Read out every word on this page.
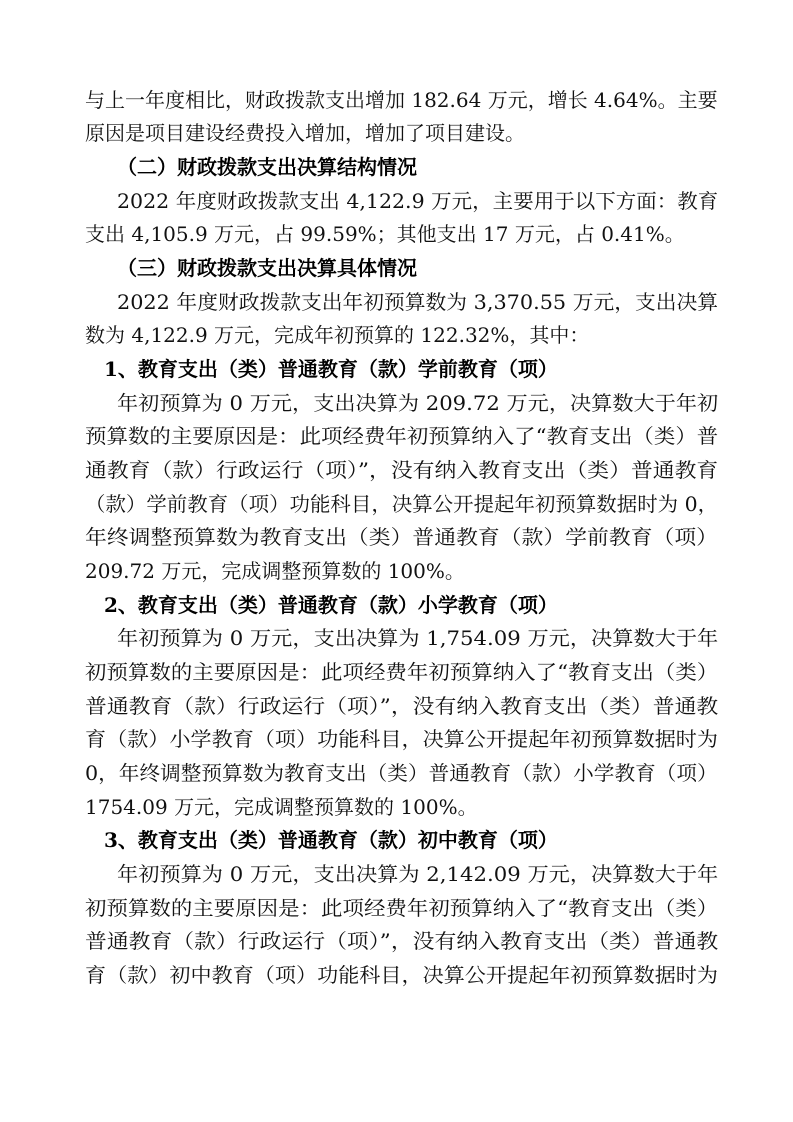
与上一年度相比，财政拨款支出增加 182.64 万元，增长 4.64%。主要
原因是项目建设经费投入增加，增加了项目建设。
（二）财政拨款支出决算结构情况
2022 年度财政拨款支出 4,122.9 万元，主要用于以下方面：教育
支出 4,105.9 万元，占 99.59%；其他支出 17 万元，占 0.41%。
（三）财政拨款支出决算具体情况
2022 年度财政拨款支出年初预算数为 3,370.55 万元，支出决算
数为 4,122.9 万元，完成年初预算的 122.32%，其中：
1、教育支出（类）普通教育（款）学前教育（项）
年初预算为 0 万元，支出决算为 209.72 万元，决算数大于年初
预算数的主要原因是：此项经费年初预算纳入了“教育支出（类）普
通教育（款）行政运行（项）”，没有纳入教育支出（类）普通教育
（款）学前教育（项）功能科目，决算公开提起年初预算数据时为 0，
年终调整预算数为教育支出（类）普通教育（款）学前教育（项）
209.72 万元，完成调整预算数的 100%。
2、教育支出（类）普通教育（款）小学教育（项）
年初预算为 0 万元，支出决算为 1,754.09 万元，决算数大于年
初预算数的主要原因是：此项经费年初预算纳入了“教育支出（类）
普通教育（款）行政运行（项）”，没有纳入教育支出（类）普通教
育（款）小学教育（项）功能科目，决算公开提起年初预算数据时为
0，年终调整预算数为教育支出（类）普通教育（款）小学教育（项）
1754.09 万元，完成调整预算数的 100%。
3、教育支出（类）普通教育（款）初中教育（项）
年初预算为 0 万元，支出决算为 2,142.09 万元，决算数大于年
初预算数的主要原因是：此项经费年初预算纳入了“教育支出（类）
普通教育（款）行政运行（项）”，没有纳入教育支出（类）普通教
育（款）初中教育（项）功能科目，决算公开提起年初预算数据时为
